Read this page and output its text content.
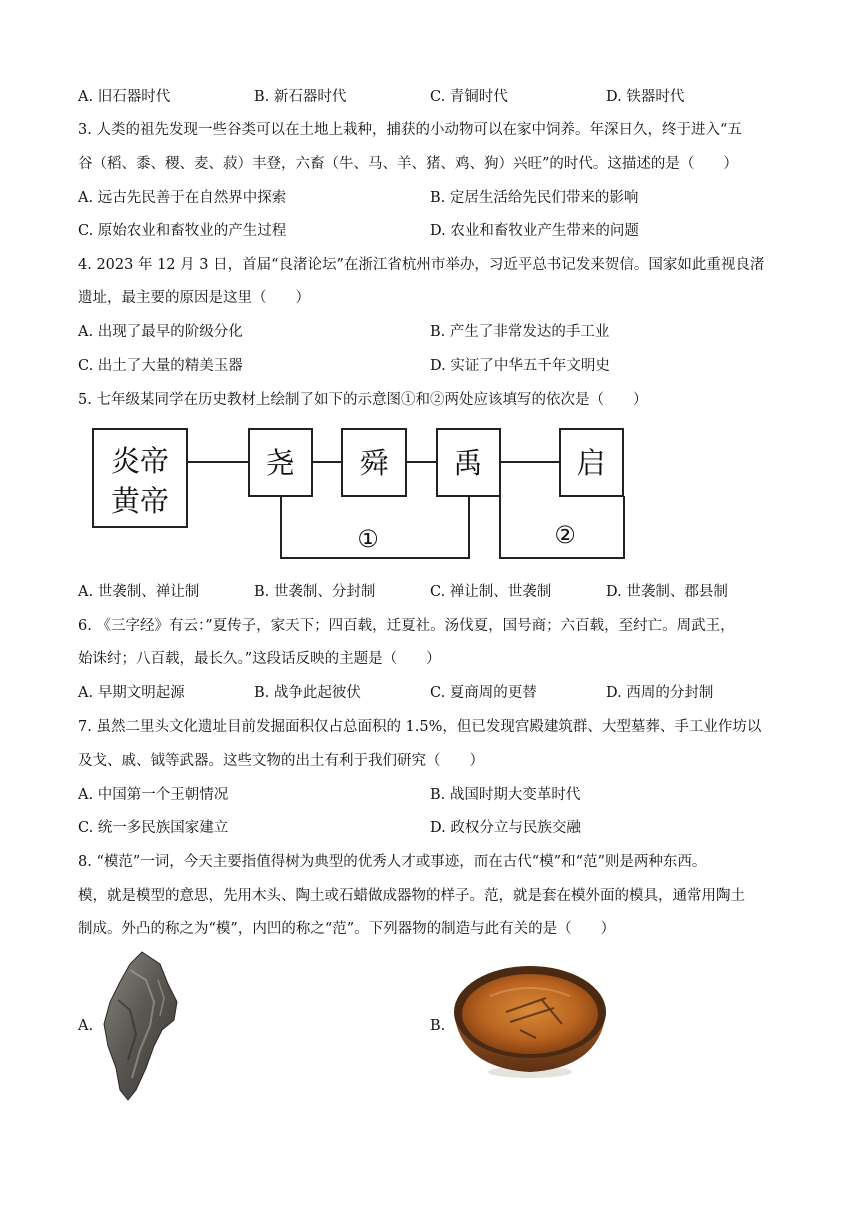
A. 旧石器时代	B. 新石器时代	C. 青铜时代	D. 铁器时代
3. 人类的祖先发现一些谷类可以在土地上栽种，捕获的小动物可以在家中饲养。年深日久，终于进入“五
谷（稻、黍、稷、麦、菽）丰登，六畜（牛、马、羊、猪、鸡、狗）兴旺”的时代。这描述的是（　　）
A. 远古先民善于在自然界中探索	B. 定居生活给先民们带来的影响
C. 原始农业和畜牧业的产生过程	D. 农业和畜牧业产生带来的问题
4. 2023 年 12 月 3 日，首届“良渚论坛”在浙江省杭州市举办，习近平总书记发来贺信。国家如此重视良渚
遗址，最主要的原因是这里（　　）
A. 出现了最早的阶级分化	B. 产生了非常发达的手工业
C. 出土了大量的精美玉器	D. 实证了中华五千年文明史
5. 七年级某同学在历史教材上绘制了如下的示意图①和②两处应该填写的依次是（　　）
炎帝
黄帝
尧 舜 禹	启
①	②
A. 世袭制、禅让制	B. 世袭制、分封制	C. 禅让制、世袭制	D. 世袭制、郡县制
6. 《三字经》有云：”夏传子，家天下；四百载，迁夏社。汤伐夏，国号商；六百载，至纣亡。周武王，
始诛纣；八百载，最长久。”这段话反映的主题是（　　）
A. 早期文明起源	B. 战争此起彼伏	C. 夏商周的更替	D. 西周的分封制
7. 虽然二里头文化遗址目前发掘面积仅占总面积的 1.5%，但已发现宫殿建筑群、大型墓葬、手工业作坊以
及戈、戚、钺等武器。这些文物的出土有利于我们研究（　　）
A. 中国第一个王朝情况	B. 战国时期大变革时代
C. 统一多民族国家建立	D. 政权分立与民族交融
8. “模范”一词，今天主要指值得树为典型的优秀人才或事迹，而在古代“模”和“范”则是两种东西。
模，就是模型的意思，先用木头、陶土或石蜡做成器物的样子。范，就是套在模外面的模具，通常用陶土
制成。外凸的称之为“模”，内凹的称之“范”。下列器物的制造与此有关的是（　　）
A.	B.
